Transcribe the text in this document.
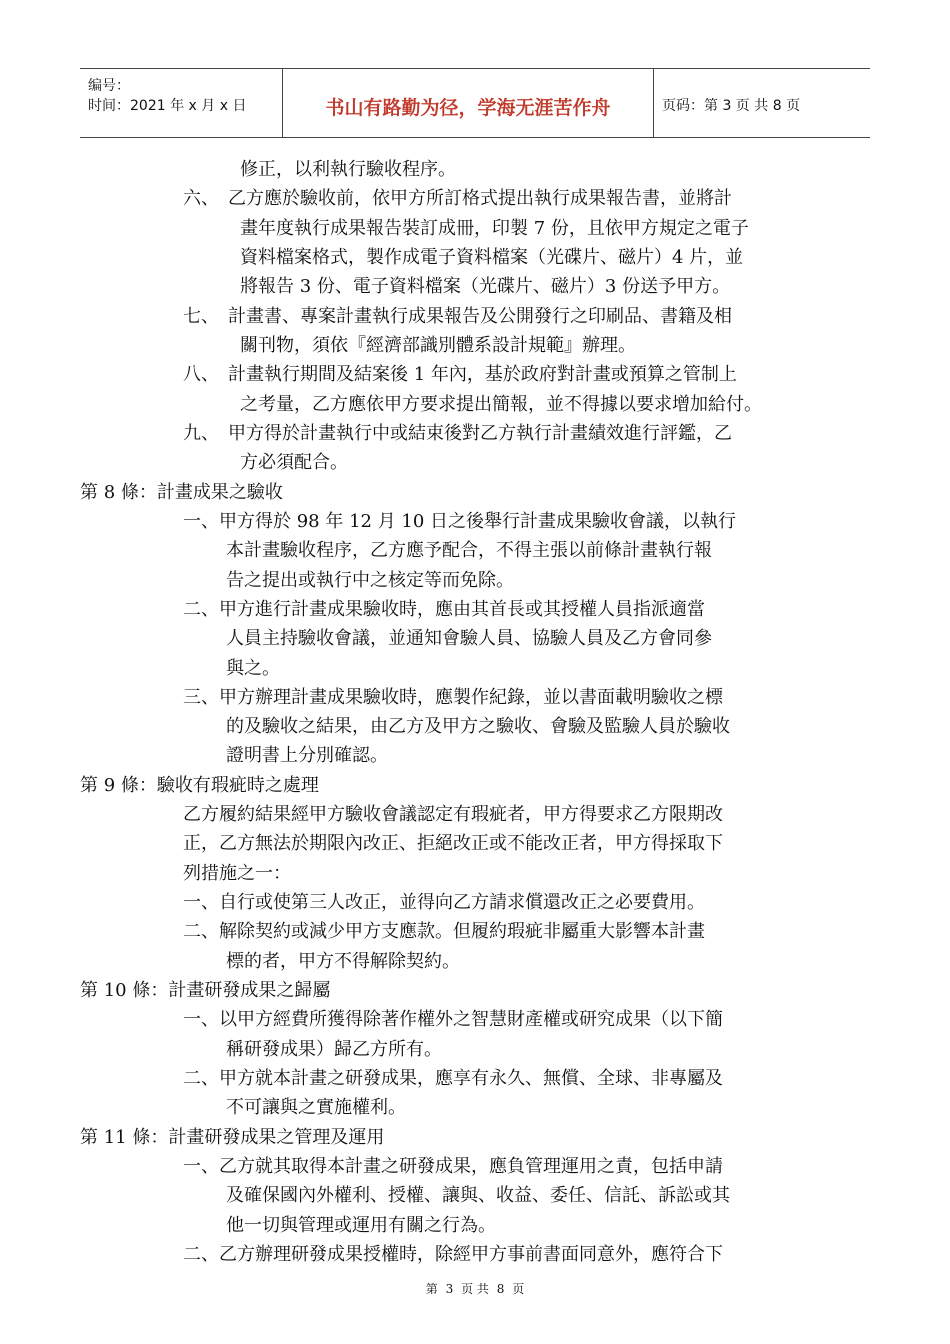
编号：
时间：2021 年 x 月 x 日	书山有路勤为径，学海无涯苦作舟	页码：第 3 页 共 8 页
第 3 页 共 8 页
修正，以利執行驗收程序。
六、　乙方應於驗收前，依甲方所訂格式提出執行成果報告書，並將計
畫年度執行成果報告裝訂成冊，印製 7 份，且依甲方規定之電子
資料檔案格式，製作成電子資料檔案（光碟片、磁片）4 片，並
將報告 3 份、電子資料檔案（光碟片、磁片）3 份送予甲方。
七、　計畫書、專案計畫執行成果報告及公開發行之印刷品、書籍及相
關刊物，須依『經濟部識別體系設計規範』辦理。
八、　計畫執行期間及結案後 1 年內，基於政府對計畫或預算之管制上
之考量，乙方應依甲方要求提出簡報，並不得據以要求增加給付。
九、　甲方得於計畫執行中或結束後對乙方執行計畫績效進行評鑑，乙
方必須配合。
第 8 條：計畫成果之驗收
一、甲方得於 98 年 12 月 10 日之後舉行計畫成果驗收會議，以執行
本計畫驗收程序，乙方應予配合，不得主張以前條計畫執行報
告之提出或執行中之核定等而免除。
二、甲方進行計畫成果驗收時，應由其首長或其授權人員指派適當
人員主持驗收會議，並通知會驗人員、協驗人員及乙方會同參
與之。
三、甲方辦理計畫成果驗收時，應製作紀錄，並以書面載明驗收之標
的及驗收之結果，由乙方及甲方之驗收、會驗及監驗人員於驗收
證明書上分別確認。
第 9 條：驗收有瑕疵時之處理
乙方履約結果經甲方驗收會議認定有瑕疵者，甲方得要求乙方限期改
正，乙方無法於期限內改正、拒絕改正或不能改正者，甲方得採取下
列措施之一：
一、自行或使第三人改正，並得向乙方請求償還改正之必要費用。
二、解除契約或減少甲方支應款。但履約瑕疵非屬重大影響本計畫
標的者，甲方不得解除契約。
第 10 條：計畫研發成果之歸屬
一、以甲方經費所獲得除著作權外之智慧財產權或研究成果（以下簡
稱研發成果）歸乙方所有。
二、甲方就本計畫之研發成果，應享有永久、無償、全球、非專屬及
不可讓與之實施權利。
第 11 條：計畫研發成果之管理及運用
一、乙方就其取得本計畫之研發成果，應負管理運用之責，包括申請
及確保國內外權利、授權、讓與、收益、委任、信託、訴訟或其
他一切與管理或運用有關之行為。
二、乙方辦理研發成果授權時，除經甲方事前書面同意外，應符合下
